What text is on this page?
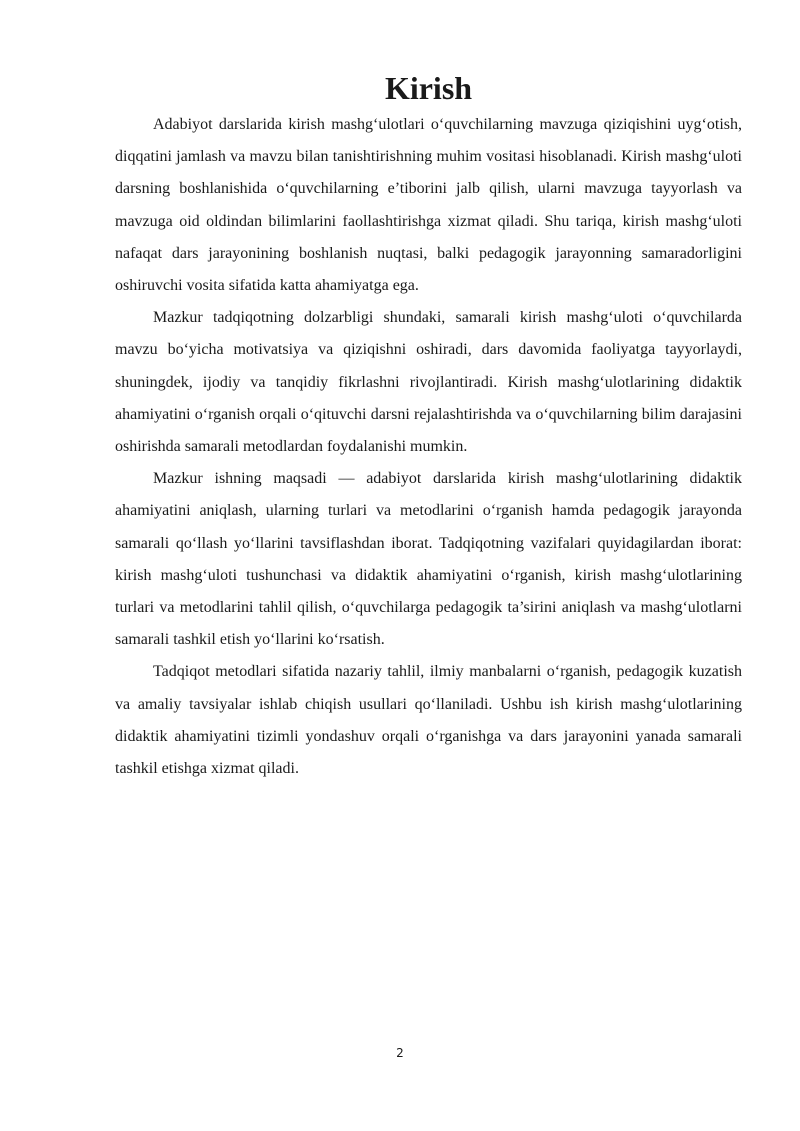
Kirish

Adabiyot darslarida kirish mashg‘ulotlari o‘quvchilarning mavzuga qiziqishini uyg‘otish, diqqatini jamlash va mavzu bilan tanishtirishning muhim vositasi hisoblanadi. Kirish mashg‘uloti darsning boshlanishida o‘quvchilarning e’tiborini jalb qilish, ularni mavzuga tayyorlash va mavzuga oid oldindan bilimlarini faollashtirishga xizmat qiladi. Shu tariqa, kirish mashg‘uloti nafaqat dars jarayonining boshlanish nuqtasi, balki pedagogik jarayonning samaradorligini oshiruvchi vosita sifatida katta ahamiyatga ega.

Mazkur tadqiqotning dolzarbligi shundaki, samarali kirish mashg‘uloti o‘quvchilarda mavzu bo‘yicha motivatsiya va qiziqishni oshiradi, dars davomida faoliyatga tayyorlaydi, shuningdek, ijodiy va tanqidiy fikrlashni rivojlantiradi. Kirish mashg‘ulotlarining didaktik ahamiyatini o‘rganish orqali o‘qituvchi darsni rejalashtirishda va o‘quvchilarning bilim darajasini oshirishda samarali metodlardan foydalanishi mumkin.

Mazkur ishning maqsadi — adabiyot darslarida kirish mashg‘ulotlarining didaktik ahamiyatini aniqlash, ularning turlari va metodlarini o‘rganish hamda pedagogik jarayonda samarali qo‘llash yo‘llarini tavsiflashdan iborat. Tadqiqotning vazifalari quyidagilardan iborat: kirish mashg‘uloti tushunchasi va didaktik ahamiyatini o‘rganish, kirish mashg‘ulotlarining turlari va metodlarini tahlil qilish, o‘quvchilarga pedagogik ta’sirini aniqlash va mashg‘ulotlarni samarali tashkil etish yo‘llarini ko‘rsatish.

Tadqiqot metodlari sifatida nazariy tahlil, ilmiy manbalarni o‘rganish, pedagogik kuzatish va amaliy tavsiyalar ishlab chiqish usullari qo‘llaniladi. Ushbu ish kirish mashg‘ulotlarining didaktik ahamiyatini tizimli yondashuv orqali o‘rganishga va dars jarayonini yanada samarali tashkil etishga xizmat qiladi.

2
